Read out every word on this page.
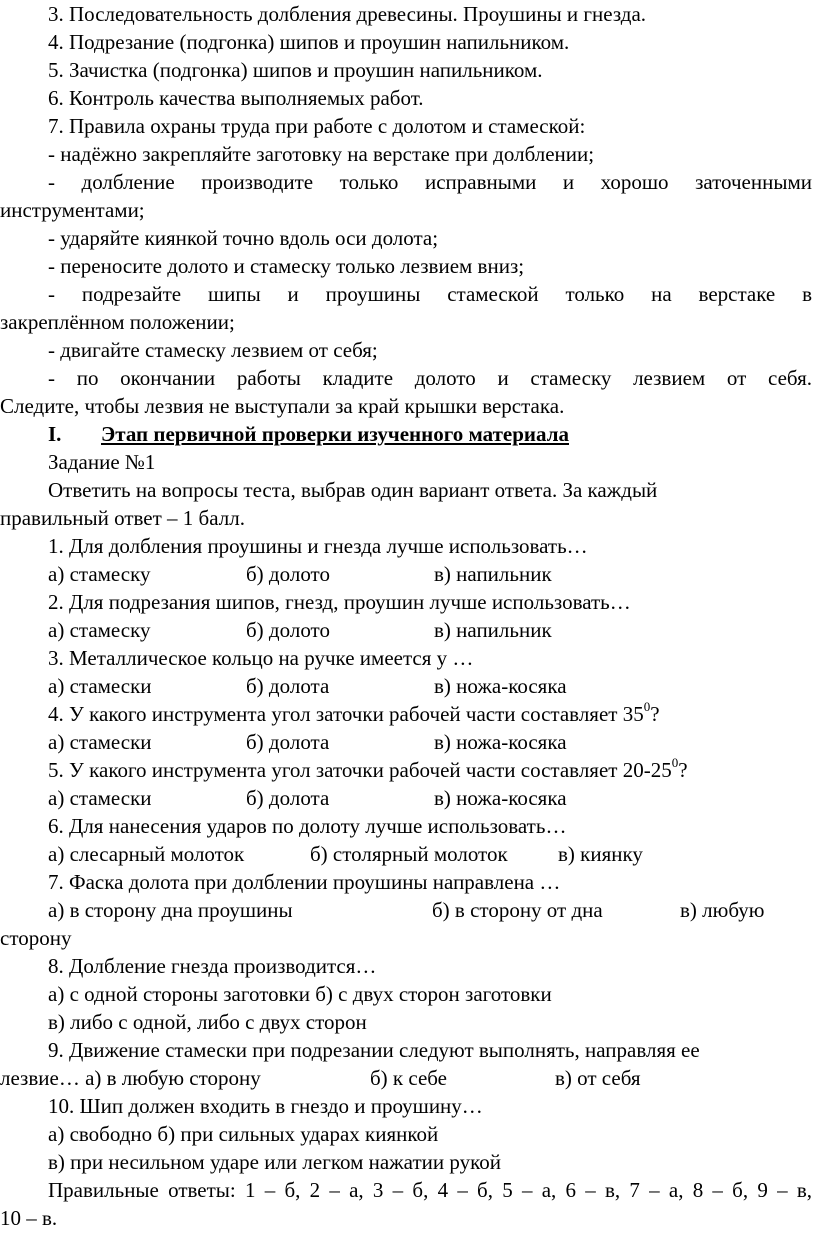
3. Последовательность долбления древесины. Проушины и гнезда.
4. Подрезание (подгонка) шипов и проушин напильником.
5. Зачистка (подгонка) шипов и проушин напильником.
6. Контроль качества выполняемых работ.
7. Правила охраны труда при работе с долотом и стамеской:
- надёжно закрепляйте заготовку на верстаке при долблении;
- долбление производите только исправными и хорошо заточенными
инструментами;
- ударяйте киянкой точно вдоль оси долота;
- переносите долото и стамеску только лезвием вниз;
- подрезайте шипы и проушины стамеской только на верстаке в
закреплённом положении;
- двигайте стамеску лезвием от себя;
- по окончании работы кладите долото и стамеску лезвием от себя.
Следите, чтобы лезвия не выступали за край крышки верстака.
I. Этап первичной проверки изученного материала
Задание №1
Ответить на вопросы теста, выбрав один вариант ответа. За каждый
правильный ответ – 1 балл.
1. Для долбления проушины и гнезда лучше использовать…
а) стамеску	б) долото	в) напильник
2. Для подрезания шипов, гнезд, проушин лучше использовать…
а) стамеску	б) долото	в) напильник
3. Металлическое кольцо на ручке имеется у …
а) стамески	б) долота	в) ножа-косяка
4. У какого инструмента угол заточки рабочей части составляет $35^0$?
а) стамески	б) долота	в) ножа-косяка
5. У какого инструмента угол заточки рабочей части составляет $20-25^0$?
а) стамески	б) долота	в) ножа-косяка
6. Для нанесения ударов по долоту лучше использовать…
а) слесарный молоток	б) столярный молоток в) киянку
7. Фаска долота при долблении проушины направлена …
а) в сторону дна проушины	б) в сторону от дна	в) любую
сторону
8. Долбление гнезда производится…
а) с одной стороны заготовки б) с двух сторон заготовки
в) либо с одной, либо с двух сторон
9. Движение стамески при подрезании следуют выполнять, направляя ее
лезвие… а) в любую сторону	б) к себе	в) от себя
10. Шип должен входить в гнездо и проушину…
а) свободно б) при сильных ударах киянкой
в) при несильном ударе или легком нажатии рукой
Правильные ответы: 1 – б, 2 – а, 3 – б, 4 – б, 5 – а, 6 – в, 7 – а, 8 – б, 9 – в,
10 – в.
